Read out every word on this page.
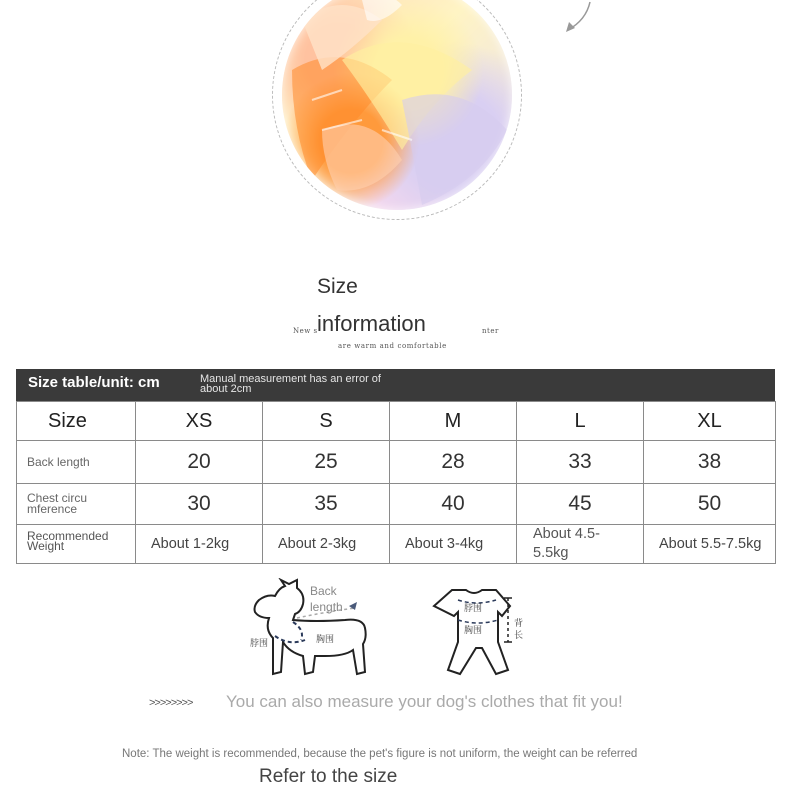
Size
information
New s	nter
are warm and comfortable
Size table/unit: cm	Manual measurement has an error of about 2cm
Size	XS	S	M	L	XL
Back length	20	25	28	33	38
Chest circumference	30	35	40	45	50
Recommended Weight	About 1-2kg	About 2-3kg	About 3-4kg	About 4.5-5.5kg	About 5.5-7.5kg
Back length
脖围	胸围
脖围
胸围
背长
>>>>>>>> You can also measure your dog's clothes that fit you!
Note: The weight is recommended, because the pet's figure is not uniform, the weight can be referred
Refer to the size
